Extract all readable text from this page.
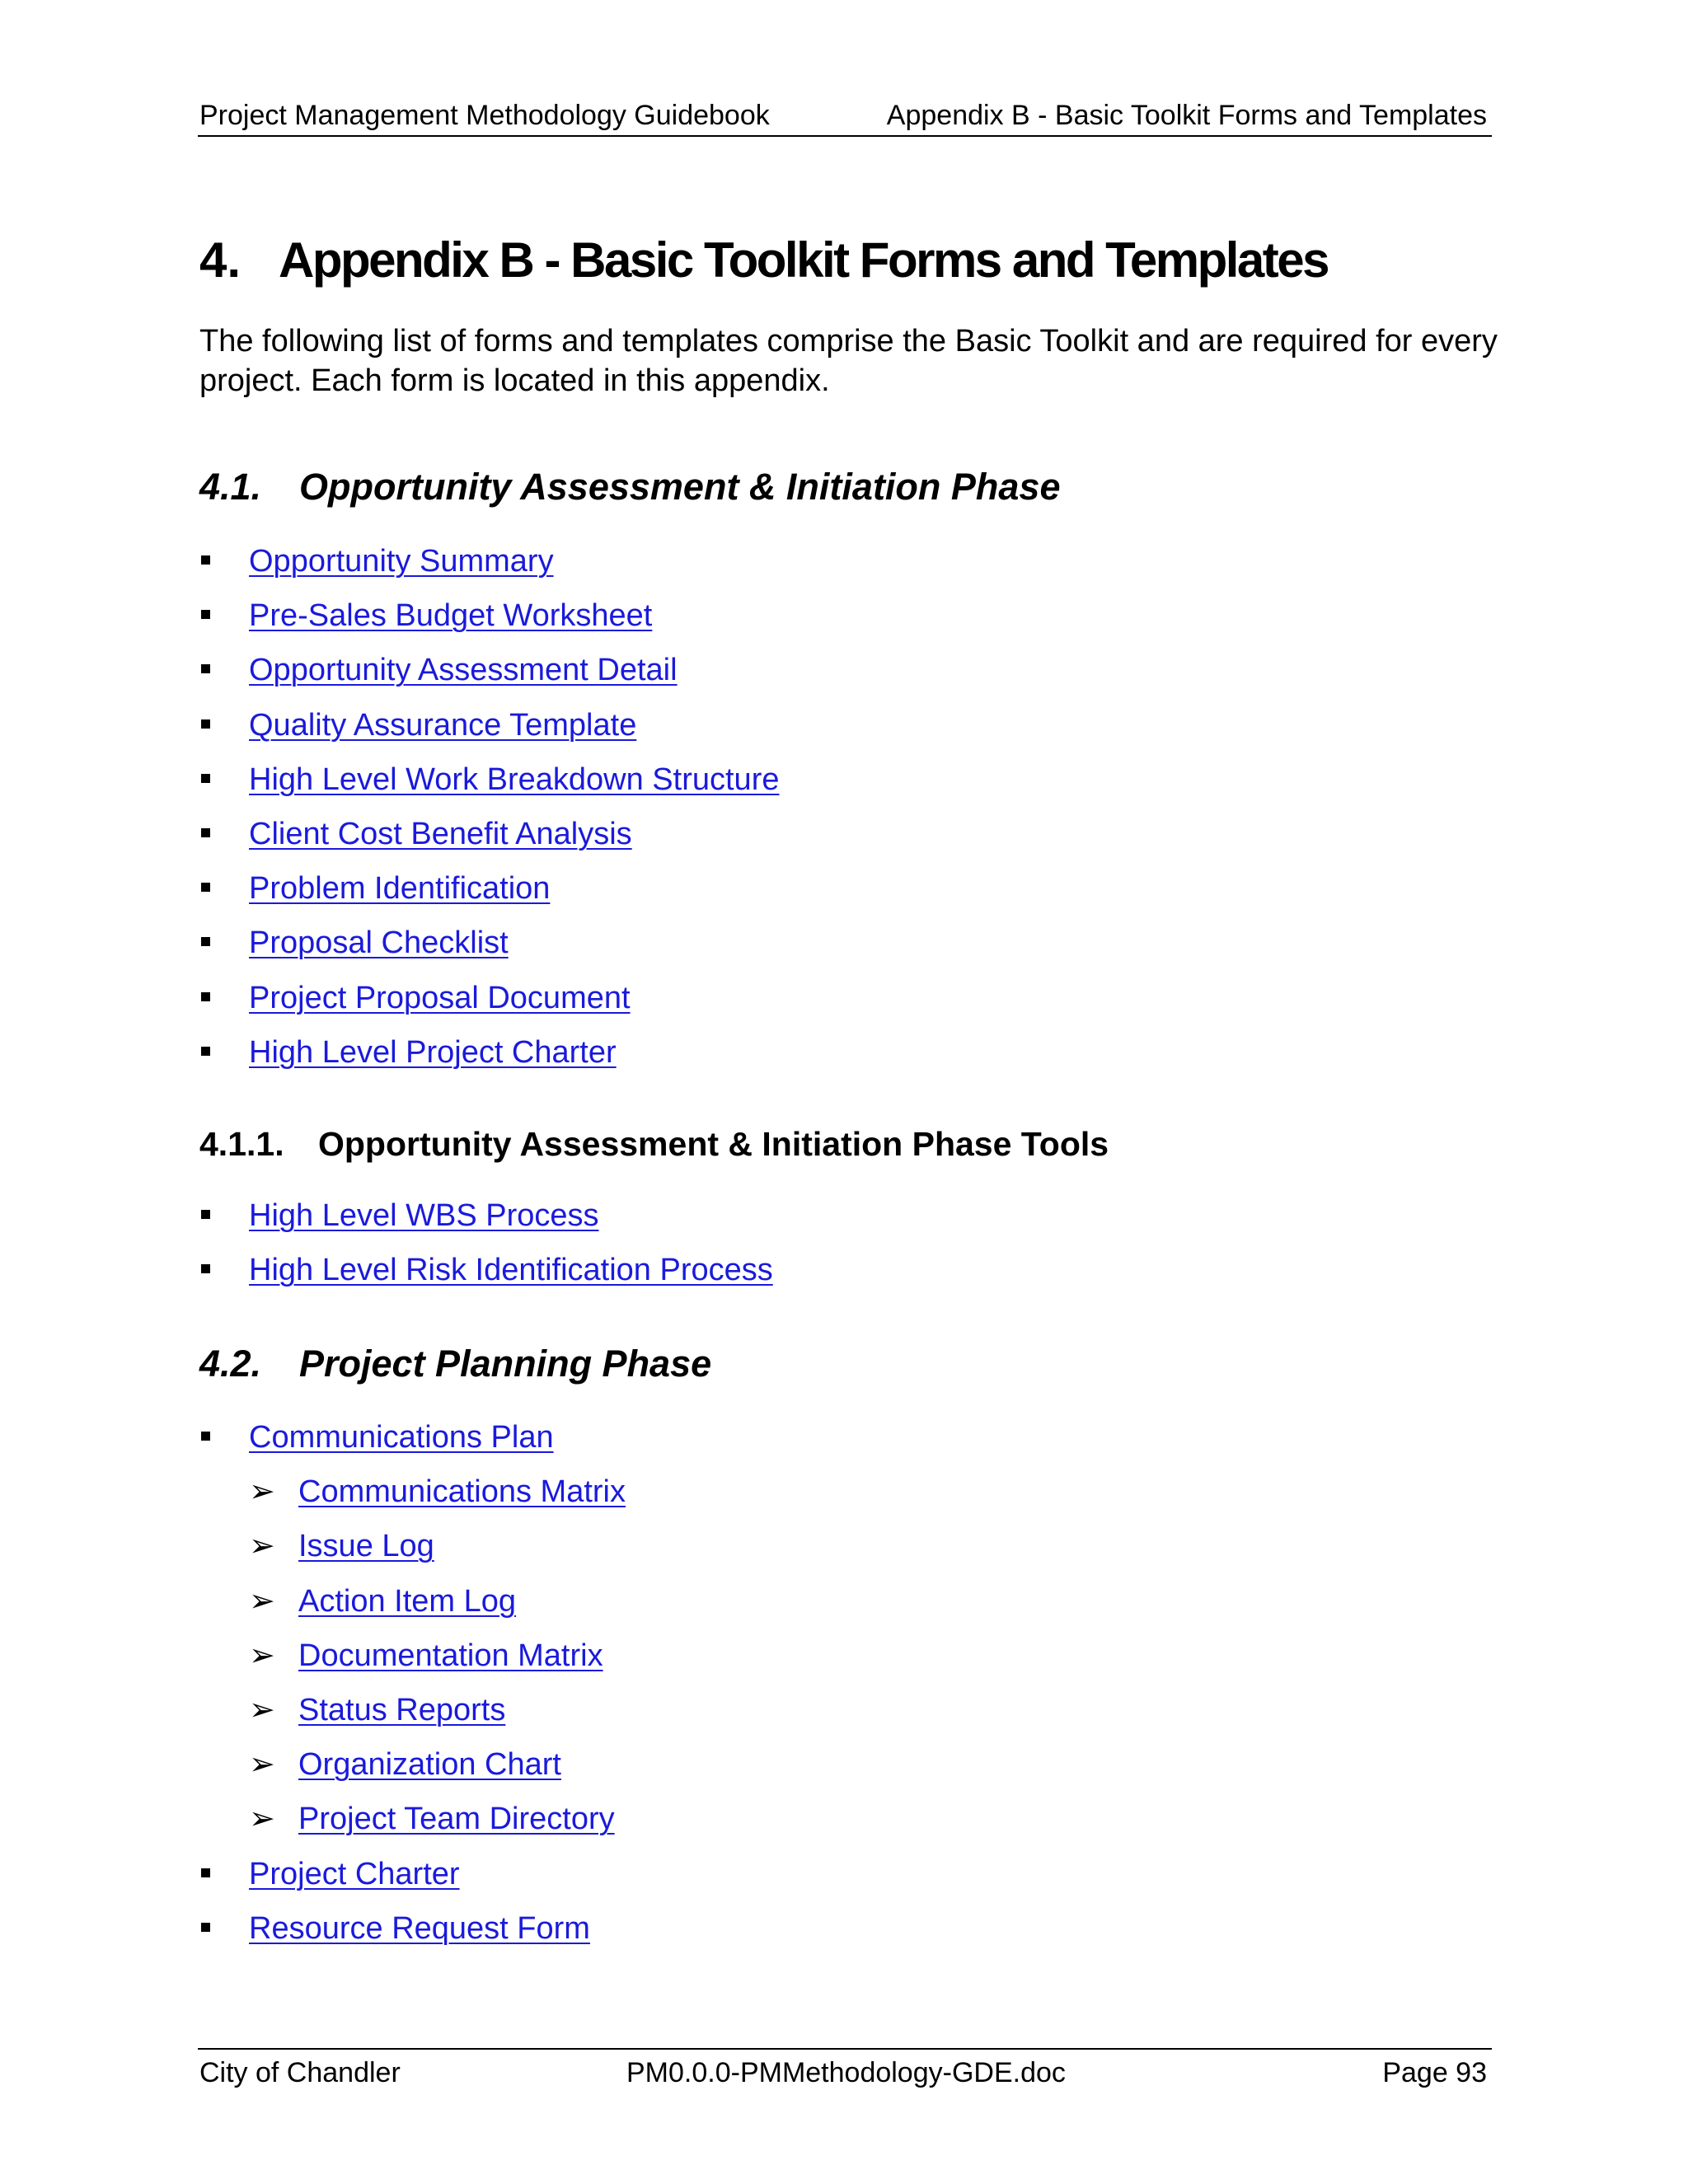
Project Management Methodology Guidebook	Appendix B - Basic Toolkit Forms and Templates
4. Appendix B - Basic Toolkit Forms and Templates

The following list of forms and templates comprise the Basic Toolkit and are required for every project. Each form is located in this appendix.

4.1. Opportunity Assessment & Initiation Phase
Opportunity Summary
Pre-Sales Budget Worksheet
Opportunity Assessment Detail
Quality Assurance Template
High Level Work Breakdown Structure
Client Cost Benefit Analysis
Problem Identification
Proposal Checklist
Project Proposal Document
High Level Project Charter
4.1.1. Opportunity Assessment & Initiation Phase Tools
High Level WBS Process
High Level Risk Identification Process
4.2. Project Planning Phase
Communications Plan
➢ Communications Matrix
➢ Issue Log
➢ Action Item Log
➢ Documentation Matrix
➢ Status Reports
➢ Organization Chart
➢ Project Team Directory
Project Charter
Resource Request Form
City of Chandler	PM0.0.0-PMMethodology-GDE.doc	Page 93
